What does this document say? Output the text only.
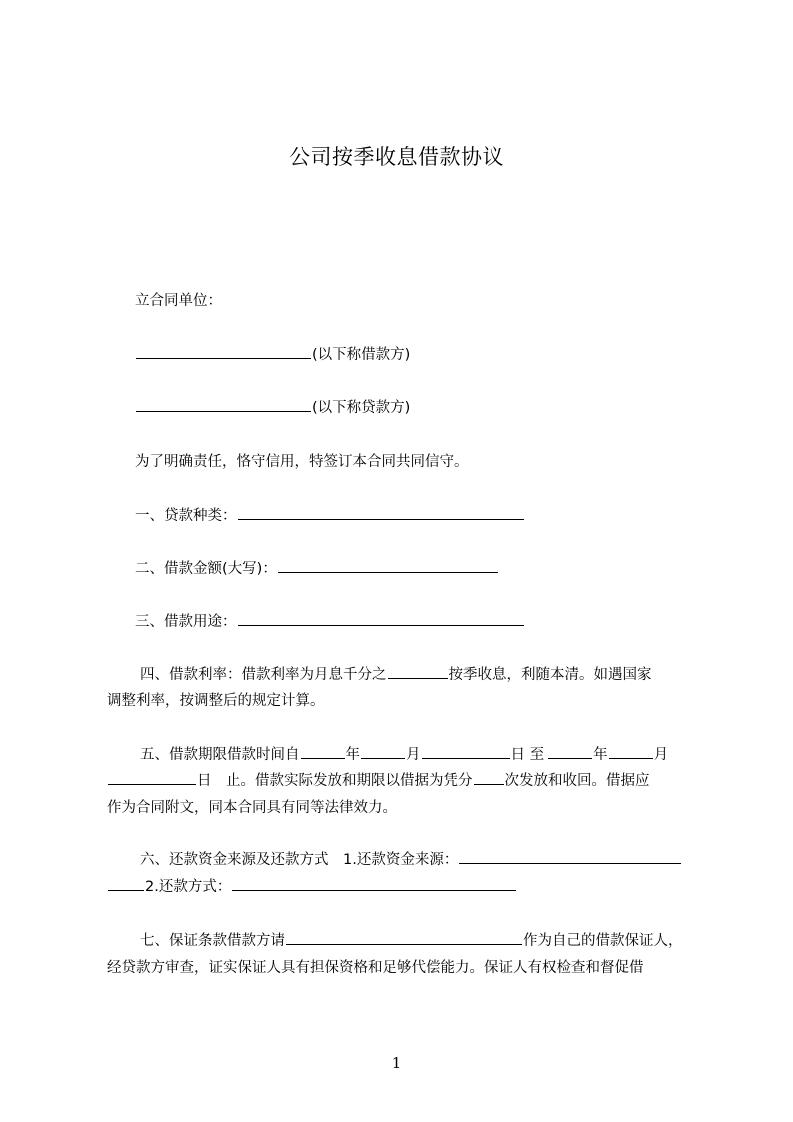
公司按季收息借款协议
立合同单位：
(以下称借款方)
(以下称贷款方)
为了明确责任，恪守信用，特签订本合同共同信守。
一、贷款种类：
二、借款金额(大写)：
三、借款用途：
四、借款利率：借款利率为月息千分之	按季收息，利随本清。如遇国家
调整利率，按调整后的规定计算。
五、借款期限借款时间自	年	月	日 至	年	月
日　止。借款实际发放和期限以借据为凭分 次发放和收回。借据应
作为合同附文，同本合同具有同等法律效力。
六、还款资金来源及还款方式　1.还款资金来源：
2.还款方式：
七、保证条款借款方请	作为自己的借款保证人，
经贷款方审查，证实保证人具有担保资格和足够代偿能力。保证人有权检查和督促借
1
